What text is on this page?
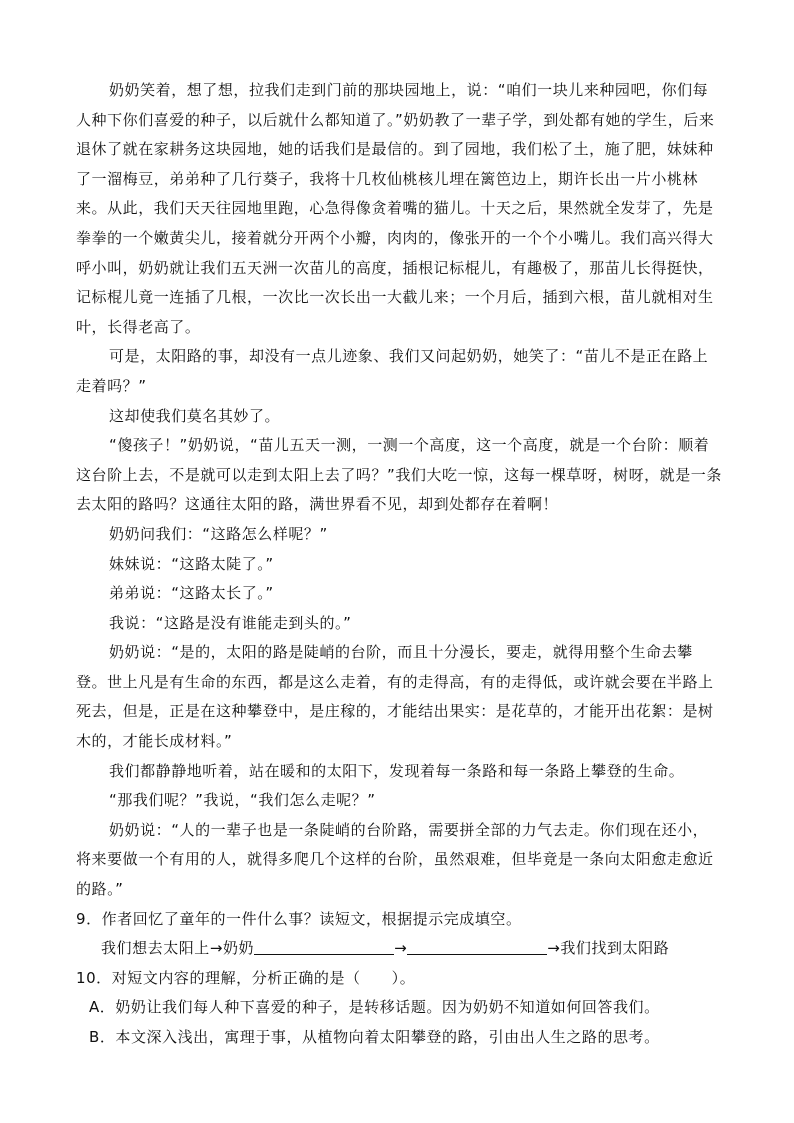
奶奶笑着，想了想，拉我们走到门前的那块园地上，说：“咱们一块儿来种园吧，你们每人种下你们喜爱的种子，以后就什么都知道了。”奶奶教了一辈子学，到处都有她的学生，后来退休了就在家耕务这块园地，她的话我们是最信的。到了园地，我们松了土，施了肥，妹妹种了一溜梅豆，弟弟种了几行葵子，我将十几枚仙桃核儿埋在篱笆边上，期许长出一片小桃林来。从此，我们天天往园地里跑，心急得像贪着嘴的猫儿。十天之后，果然就全发芽了，先是拳拳的一个嫩黄尖儿，接着就分开两个小瓣，肉肉的，像张开的一个个小嘴儿。我们高兴得大呼小叫，奶奶就让我们五天洲一次苗儿的高度，插根记标棍儿，有趣极了，那苗儿长得挺快，记标棍儿竟一连插了几根，一次比一次长出一大截儿来；一个月后，插到六根，苗儿就相对生叶，长得老高了。

可是，太阳路的事，却没有一点儿迹象、我们又问起奶奶，她笑了：“苗儿不是正在路上走着吗？”

这却使我们莫名其妙了。

“傻孩子！”奶奶说，“苗儿五天一测，一测一个高度，这一个高度，就是一个台阶：顺着这台阶上去，不是就可以走到太阳上去了吗？”我们大吃一惊，这每一棵草呀，树呀，就是一条去太阳的路吗？这通往太阳的路，满世界看不见，却到处都存在着啊！

奶奶问我们：“这路怎么样呢？”

妹妹说：“这路太陡了。”

弟弟说：“这路太长了。”

我说：“这路是没有谁能走到头的。”

奶奶说：“是的，太阳的路是陡峭的台阶，而且十分漫长，要走，就得用整个生命去攀登。世上凡是有生命的东西，都是这么走着，有的走得高，有的走得低，或许就会要在半路上死去，但是，正是在这种攀登中，是庄稼的，才能结出果实：是花草的，才能开出花絮：是树木的，才能长成材料。”

我们都静静地听着，站在暖和的太阳下，发现着每一条路和每一条路上攀登的生命。

“那我们呢？”我说，“我们怎么走呢？”

奶奶说：“人的一辈子也是一条陡峭的台阶路，需要拼全部的力气去走。你们现在还小，将来要做一个有用的人，就得多爬几个这样的台阶，虽然艰难，但毕竟是一条向太阳愈走愈近的路。”

9．作者回忆了童年的一件什么事？读短文，根据提示完成填空。

我们想去太阳上→奶奶	→	→我们找到太阳路

10．对短文内容的理解，分析正确的是（　　）。

A．奶奶让我们每人种下喜爱的种子，是转移话题。因为奶奶不知道如何回答我们。

B．本文深入浅出，寓理于事，从植物向着太阳攀登的路，引由出人生之路的思考。
